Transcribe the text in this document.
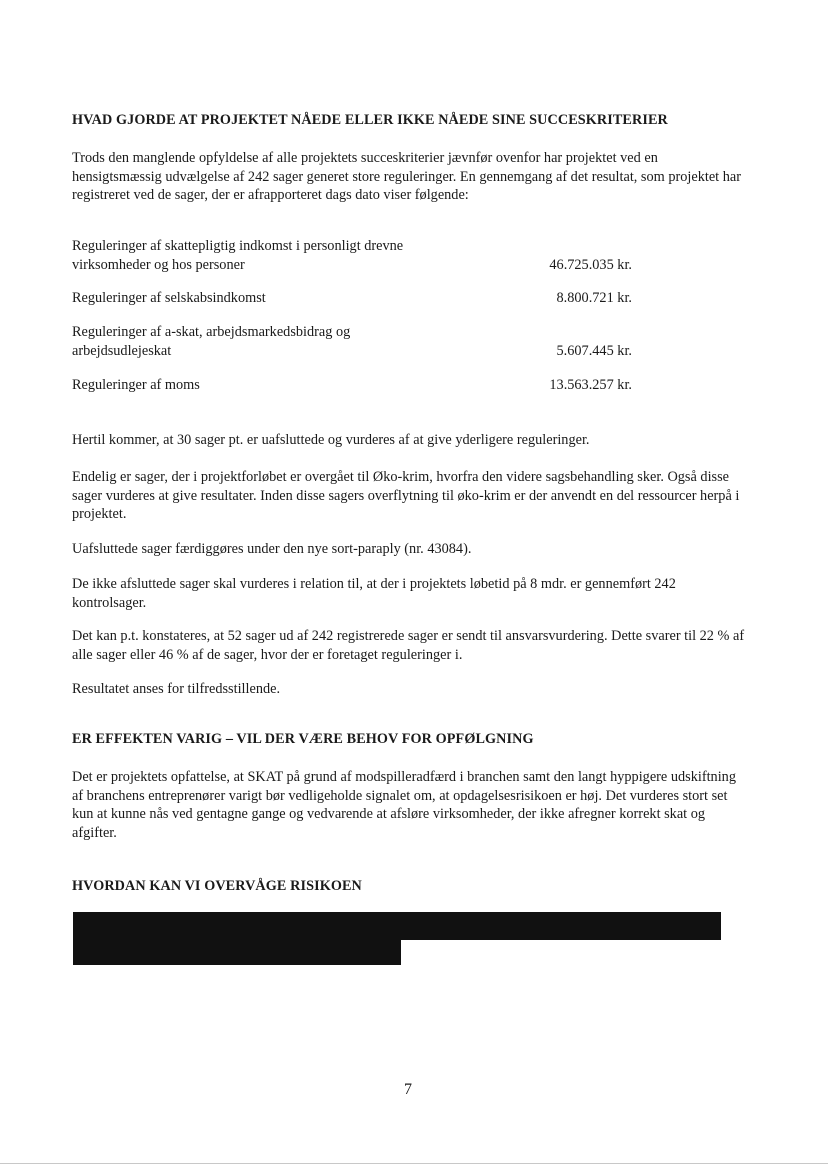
HVAD GJORDE AT PROJEKTET NÅEDE ELLER IKKE NÅEDE SINE SUCCESKRITERIER

Trods den manglende opfyldelse af alle projektets succeskriterier jævnfør ovenfor har projektet ved en hensigtsmæssig udvælgelse af 242 sager generet store reguleringer. En gennemgang af det resultat, som projektet har registreret ved de sager, der er afrapporteret dags dato viser følgende:

Reguleringer af skattepligtig indkomst i personligt drevne virksomheder og hos personer	46.725.035 kr.
Reguleringer af selskabsindkomst	8.800.721 kr.
Reguleringer af a-skat, arbejdsmarkedsbidrag og arbejdsudlejeskat	5.607.445 kr.
Reguleringer af moms	13.563.257 kr.

Hertil kommer, at 30 sager pt. er uafsluttede og vurderes af at give yderligere reguleringer.

Endelig er sager, der i projektforløbet er overgået til Øko-krim, hvorfra den videre sagsbehandling sker. Også disse sager vurderes at give resultater. Inden disse sagers overflytning til øko-krim er der anvendt en del ressourcer herpå i projektet.

Uafsluttede sager færdiggøres under den nye sort-paraply (nr. 43084).

De ikke afsluttede sager skal vurderes i relation til, at der i projektets løbetid på 8 mdr. er gennemført 242 kontrolsager.

Det kan p.t. konstateres, at 52 sager ud af 242 registrerede sager er sendt til ansvarsvurdering. Dette svarer til 22 % af alle sager eller 46 % af de sager, hvor der er foretaget reguleringer i.

Resultatet anses for tilfredsstillende.

ER EFFEKTEN VARIG – VIL DER VÆRE BEHOV FOR OPFØLGNING

Det er projektets opfattelse, at SKAT på grund af modspilleradfærd i branchen samt den langt hyppigere udskiftning af branchens entreprenører varigt bør vedligeholde signalet om, at opdagelsesrisikoen er høj. Det vurderes stort set kun at kunne nås ved gentagne gange og vedvarende at afsløre virksomheder, der ikke afregner korrekt skat og afgifter.

HVORDAN KAN VI OVERVÅGE RISIKOEN
7
